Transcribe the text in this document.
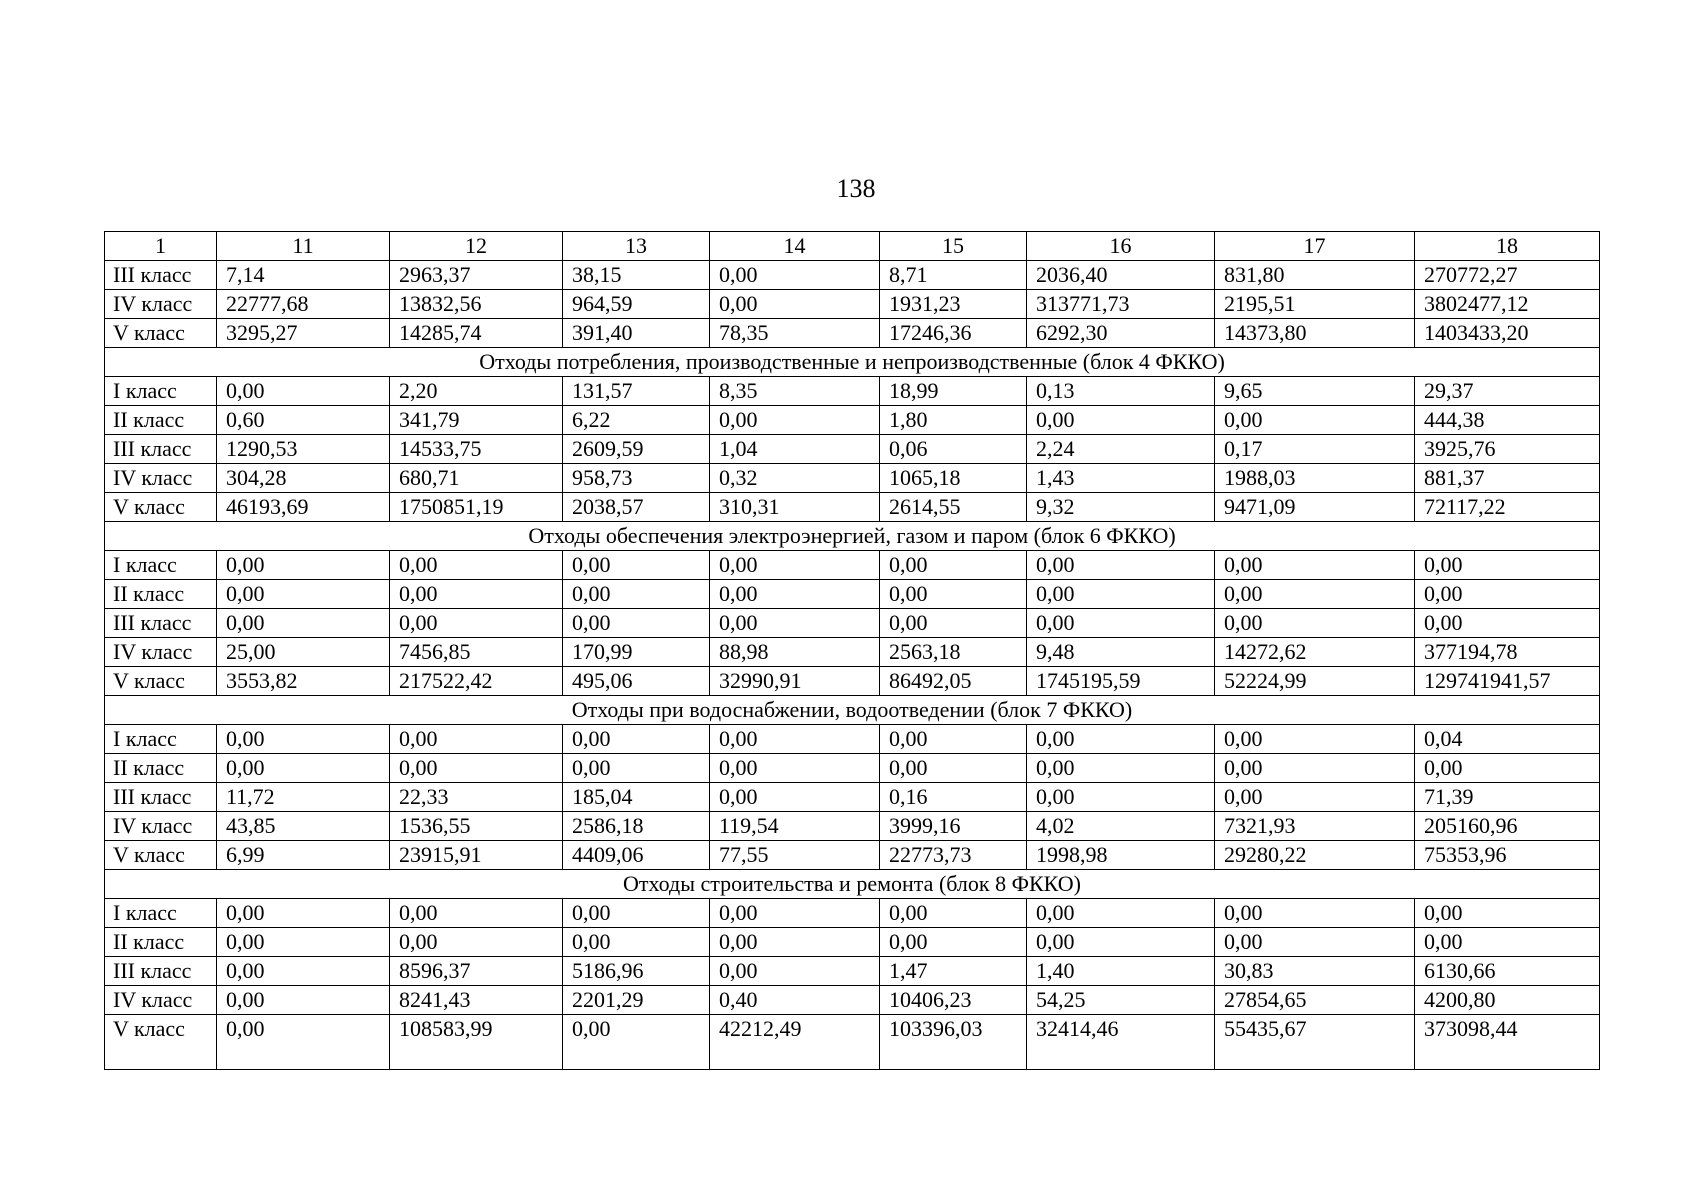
138
1	11	12	13	14	15	16	17	18
III класс	7,14	2963,37	38,15	0,00	8,71	2036,40	831,80	270772,27
IV класс	22777,68	13832,56	964,59	0,00	1931,23	313771,73	2195,51	3802477,12
V класс	3295,27	14285,74	391,40	78,35	17246,36	6292,30	14373,80	1403433,20
Отходы потребления, производственные и непроизводственные (блок 4 ФККО)								
I класс	0,00	2,20	131,57	8,35	18,99	0,13	9,65	29,37
II класс	0,60	341,79	6,22	0,00	1,80	0,00	0,00	444,38
III класс	1290,53	14533,75	2609,59	1,04	0,06	2,24	0,17	3925,76
IV класс	304,28	680,71	958,73	0,32	1065,18	1,43	1988,03	881,37
V класс	46193,69	1750851,19	2038,57	310,31	2614,55	9,32	9471,09	72117,22
Отходы обеспечения электроэнергией, газом и паром (блок 6 ФККО)								
I класс	0,00	0,00	0,00	0,00	0,00	0,00	0,00	0,00
II класс	0,00	0,00	0,00	0,00	0,00	0,00	0,00	0,00
III класс	0,00	0,00	0,00	0,00	0,00	0,00	0,00	0,00
IV класс	25,00	7456,85	170,99	88,98	2563,18	9,48	14272,62	377194,78
V класс	3553,82	217522,42	495,06	32990,91	86492,05	1745195,59	52224,99	129741941,57
Отходы при водоснабжении, водоотведении (блок 7 ФККО)								
I класс	0,00	0,00	0,00	0,00	0,00	0,00	0,00	0,04
II класс	0,00	0,00	0,00	0,00	0,00	0,00	0,00	0,00
III класс	11,72	22,33	185,04	0,00	0,16	0,00	0,00	71,39
IV класс	43,85	1536,55	2586,18	119,54	3999,16	4,02	7321,93	205160,96
V класс	6,99	23915,91	4409,06	77,55	22773,73	1998,98	29280,22	75353,96
Отходы строительства и ремонта (блок 8 ФККО)								
I класс	0,00	0,00	0,00	0,00	0,00	0,00	0,00	0,00
II класс	0,00	0,00	0,00	0,00	0,00	0,00	0,00	0,00
III класс	0,00	8596,37	5186,96	0,00	1,47	1,40	30,83	6130,66
IV класс	0,00	8241,43	2201,29	0,40	10406,23	54,25	27854,65	4200,80
V класс	0,00	108583,99	0,00	42212,49	103396,03	32414,46	55435,67	373098,44
